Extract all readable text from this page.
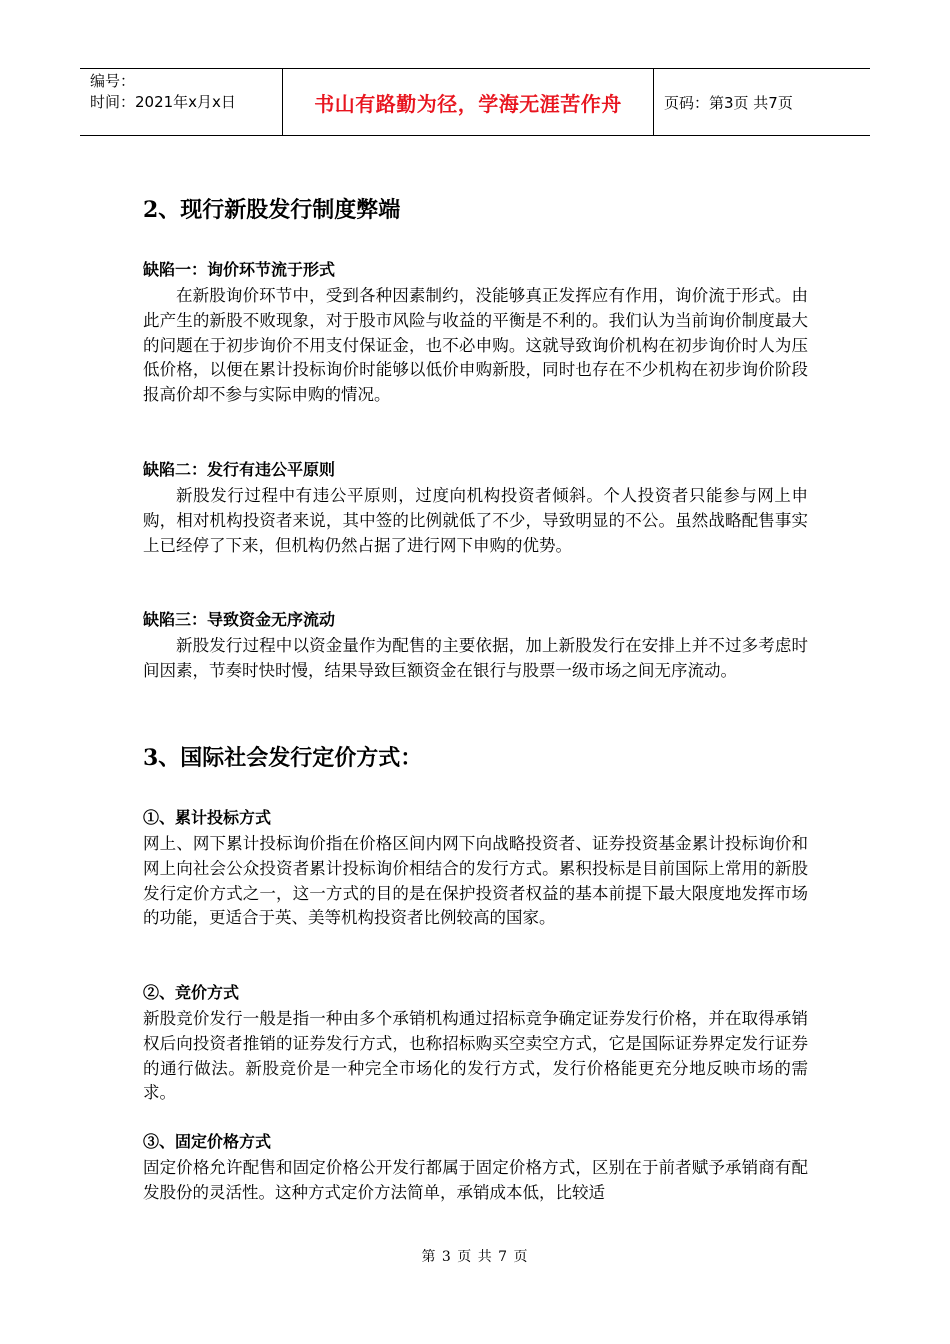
编号：
时间：2021年x月x日	书山有路勤为径，学海无涯苦作舟	页码：第3页 共7页
2、现行新股发行制度弊端
缺陷一：询价环节流于形式
在新股询价环节中，受到各种因素制约，没能够真正发挥应有作用，询价流于形式。由此产生的新股不败现象，对于股市风险与收益的平衡是不利的。我们认为当前询价制度最大的问题在于初步询价不用支付保证金，也不必申购。这就导致询价机构在初步询价时人为压低价格，以便在累计投标询价时能够以低价申购新股，同时也存在不少机构在初步询价阶段报高价却不参与实际申购的情况。
缺陷二：发行有违公平原则
新股发行过程中有违公平原则，过度向机构投资者倾斜。个人投资者只能参与网上申购，相对机构投资者来说，其中签的比例就低了不少，导致明显的不公。虽然战略配售事实上已经停了下来，但机构仍然占据了进行网下申购的优势。
缺陷三：导致资金无序流动
新股发行过程中以资金量作为配售的主要依据，加上新股发行在安排上并不过多考虑时间因素，节奏时快时慢，结果导致巨额资金在银行与股票一级市场之间无序流动。
3、国际社会发行定价方式：
①、累计投标方式
网上、网下累计投标询价指在价格区间内网下向战略投资者、证券投资基金累计投标询价和网上向社会公众投资者累计投标询价相结合的发行方式。累积投标是目前国际上常用的新股发行定价方式之一，这一方式的目的是在保护投资者权益的基本前提下最大限度地发挥市场的功能，更适合于英、美等机构投资者比例较高的国家。
②、竞价方式
新股竞价发行一般是指一种由多个承销机构通过招标竞争确定证券发行价格，并在取得承销权后向投资者推销的证券发行方式，也称招标购买空卖空方式，它是国际证券界定发行证券的通行做法。新股竞价是一种完全市场化的发行方式，发行价格能更充分地反映市场的需求。
③、固定价格方式
固定价格允许配售和固定价格公开发行都属于固定价格方式，区别在于前者赋予承销商有配发股份的灵活性。这种方式定价方法简单，承销成本低，比较适
第 3 页 共 7 页
